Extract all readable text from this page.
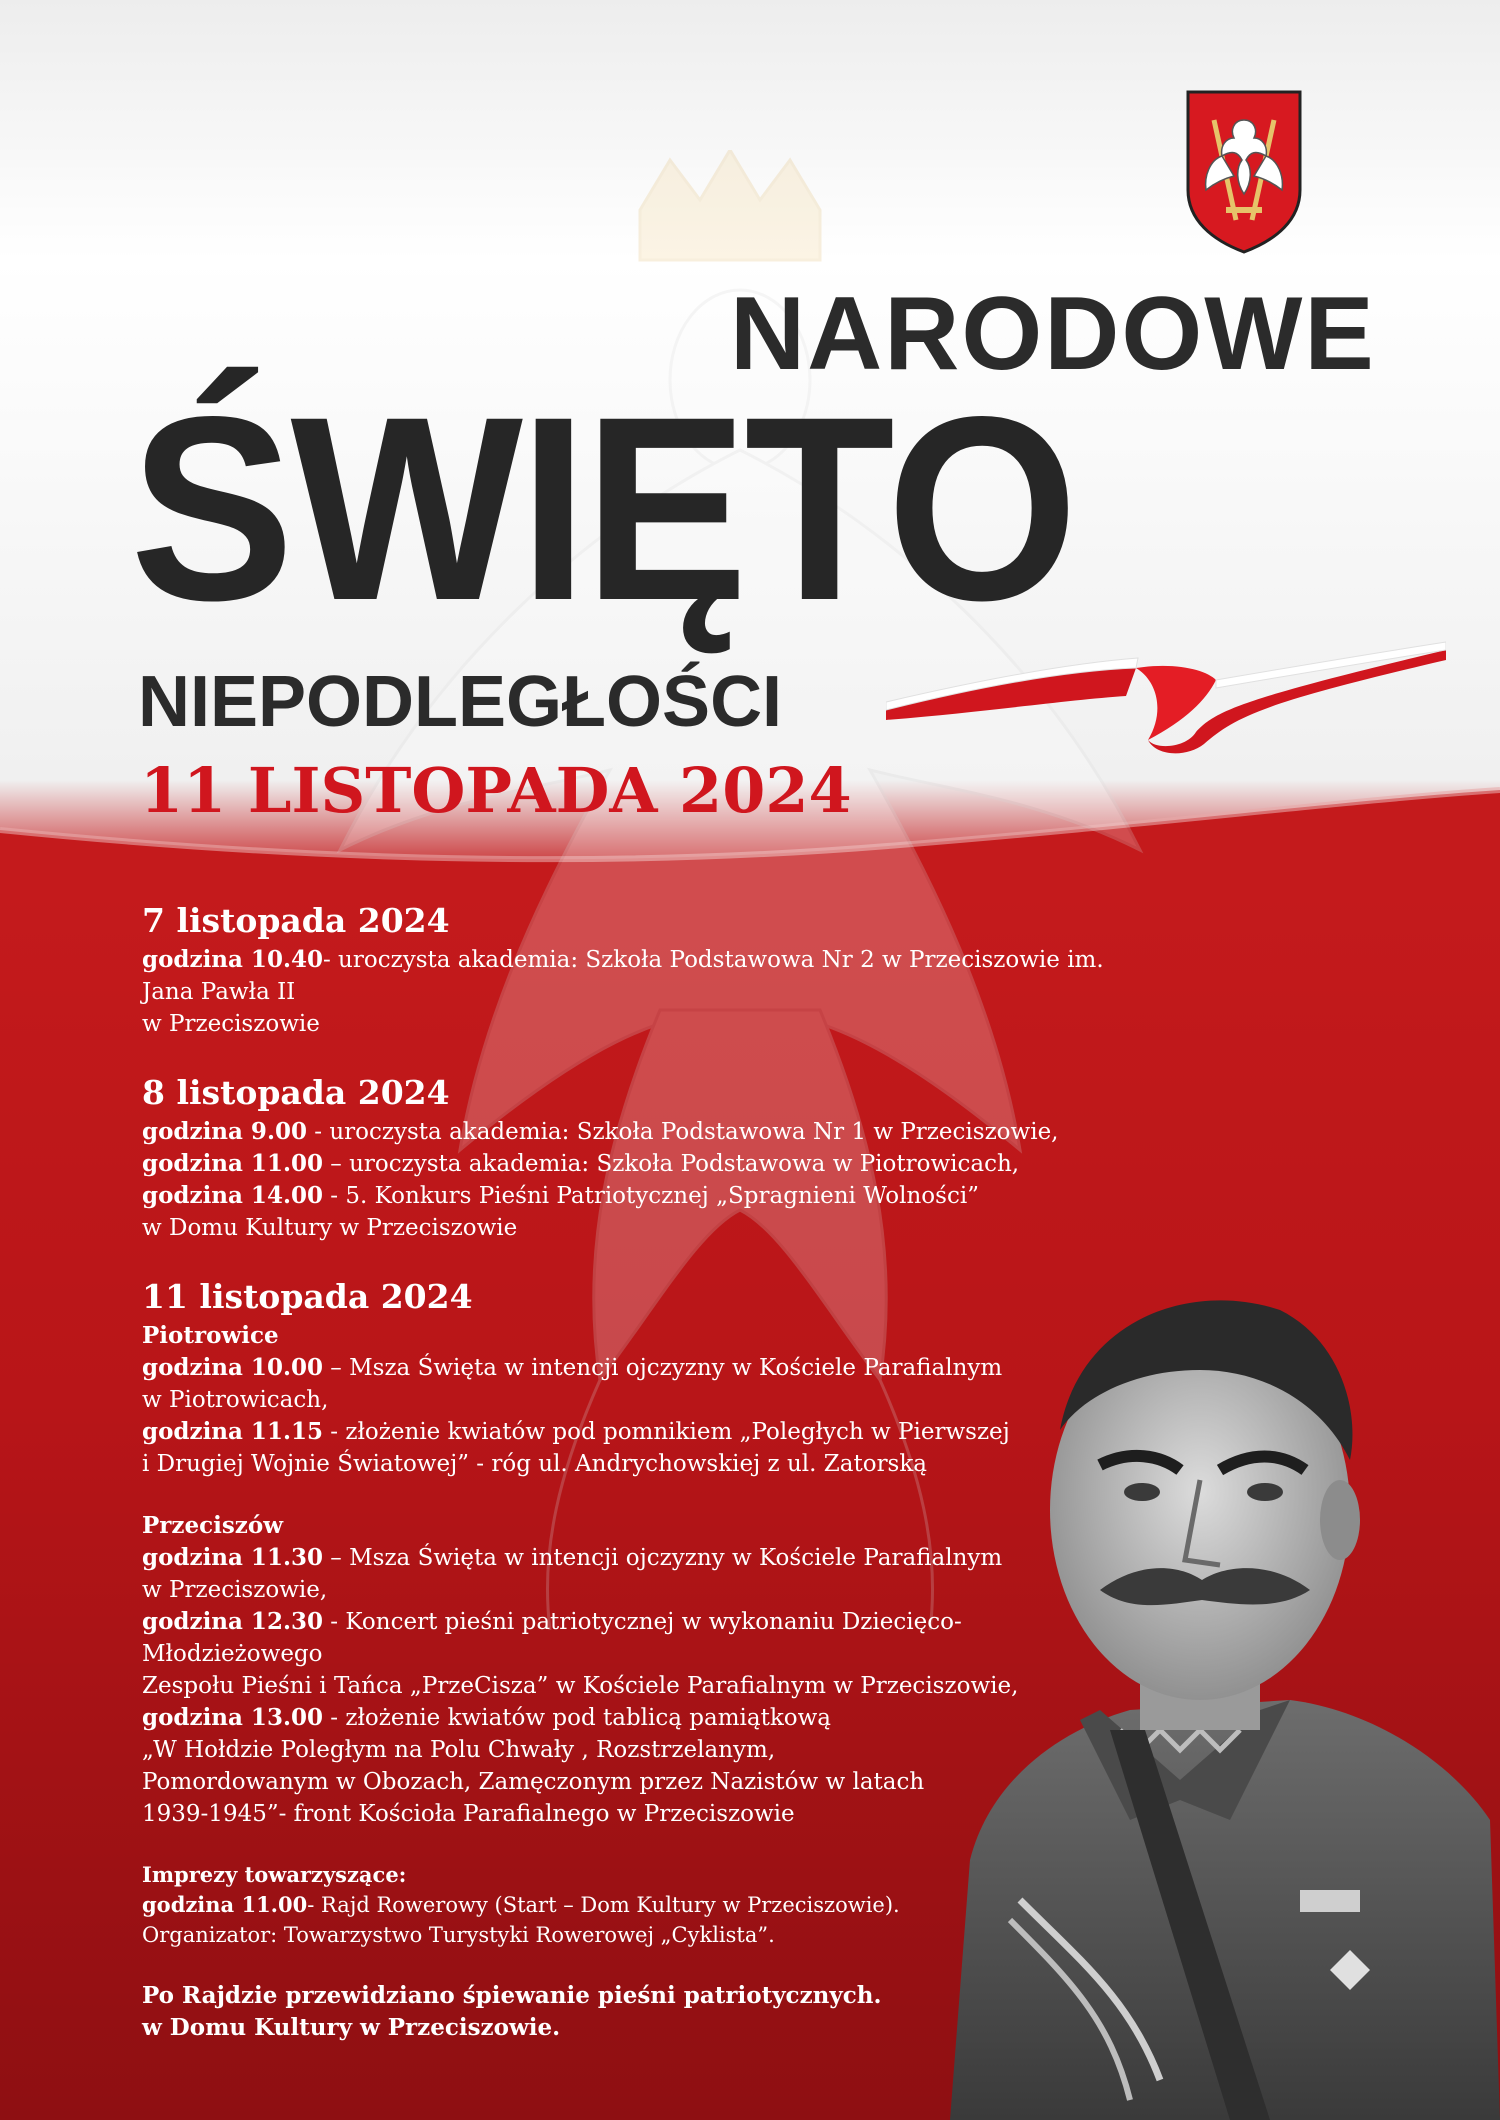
NARODOWE
ŚWIĘTO
NIEPODLEGŁOŚCI
11 LISTOPADA 2024
7 listopada 2024

godzina 10.40- uroczysta akademia: Szkoła Podstawowa Nr 2 w Przeciszowie im. Jana Pawła II

w Przeciszowie

8 listopada 2024

godzina 9.00 - uroczysta akademia: Szkoła Podstawowa Nr 1 w Przeciszowie,

godzina 11.00 – uroczysta akademia: Szkoła Podstawowa w Piotrowicach,

godzina 14.00 - 5. Konkurs Pieśni Patriotycznej „Spragnieni Wolności”

w Domu Kultury w Przeciszowie

11 listopada 2024
Piotrowice

godzina 10.00 – Msza Święta w intencji ojczyzny w Kościele Parafialnym

w Piotrowicach,

godzina 11.15 - złożenie kwiatów pod pomnikiem „Poległych w Pierwszej

i Drugiej Wojnie Światowej” - róg ul. Andrychowskiej z ul. Zatorską

Przeciszów

godzina 11.30 – Msza Święta w intencji ojczyzny w Kościele Parafialnym

w Przeciszowie,

godzina 12.30 - Koncert pieśni patriotycznej w wykonaniu Dziecięco-Młodzieżowego

Zespołu Pieśni i Tańca „PrzeCisza” w Kościele Parafialnym w Przeciszowie,

godzina 13.00 - złożenie kwiatów pod tablicą pamiątkową

„W Hołdzie Poległym na Polu Chwały , Rozstrzelanym,

Pomordowanym w Obozach, Zamęczonym przez Nazistów w latach

1939-1945”- front Kościoła Parafialnego w Przeciszowie

Imprezy towarzyszące:

godzina 11.00- Rajd Rowerowy (Start – Dom Kultury w Przeciszowie).

Organizator: Towarzystwo Turystyki Rowerowej „Cyklista”.

Po Rajdzie przewidziano śpiewanie pieśni patriotycznych.

w Domu Kultury w Przeciszowie.
